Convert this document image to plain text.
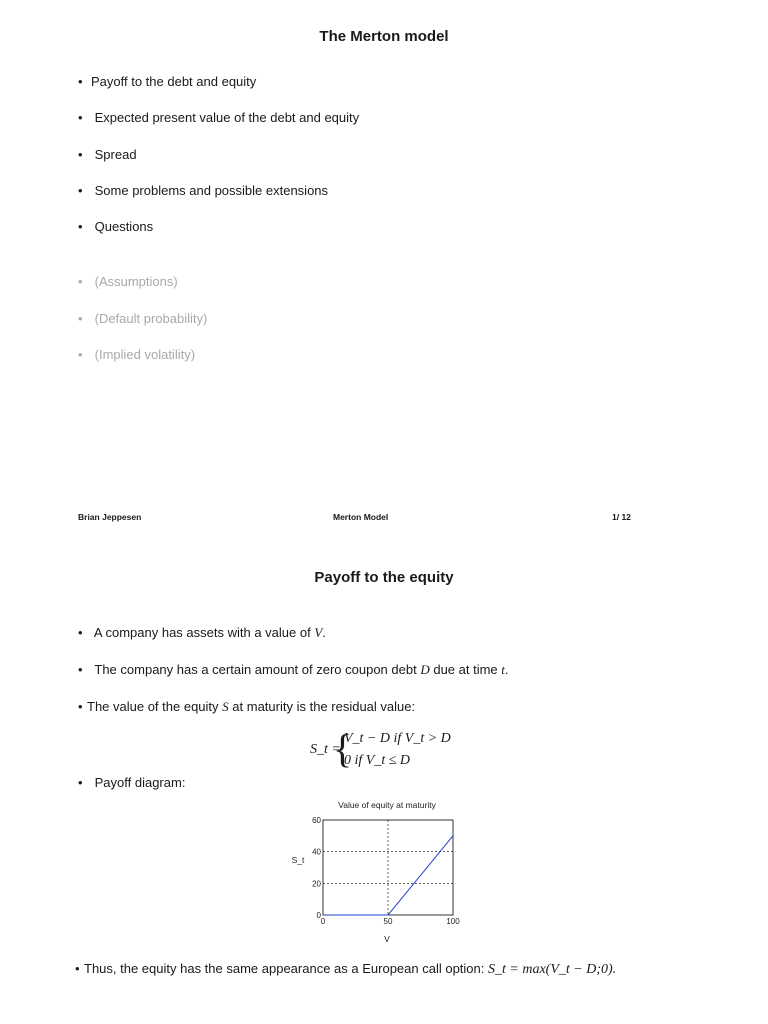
The Merton model
• Payoff to the debt and equity
• Expected present value of the debt and equity
• Spread
• Some problems and possible extensions
• Questions
• (Assumptions)
• (Default probability)
• (Implied volatility)
Brian Jeppesen	Merton Model	1/ 12
Payoff to the equity
• A company has assets with a value of V.
• The company has a certain amount of zero coupon debt D due at time t.
• The value of the equity S at maturity is the residual value:
S_t =
{
V_t − D if V_t > D
0 if V_t ≤ D
• Payoff diagram:
Value of equity at maturity
0	50	100
0
20
40
60
V
S_t
• Thus, the equity has the same appearance as a European call option: S_t = max(V_t − D;0).
